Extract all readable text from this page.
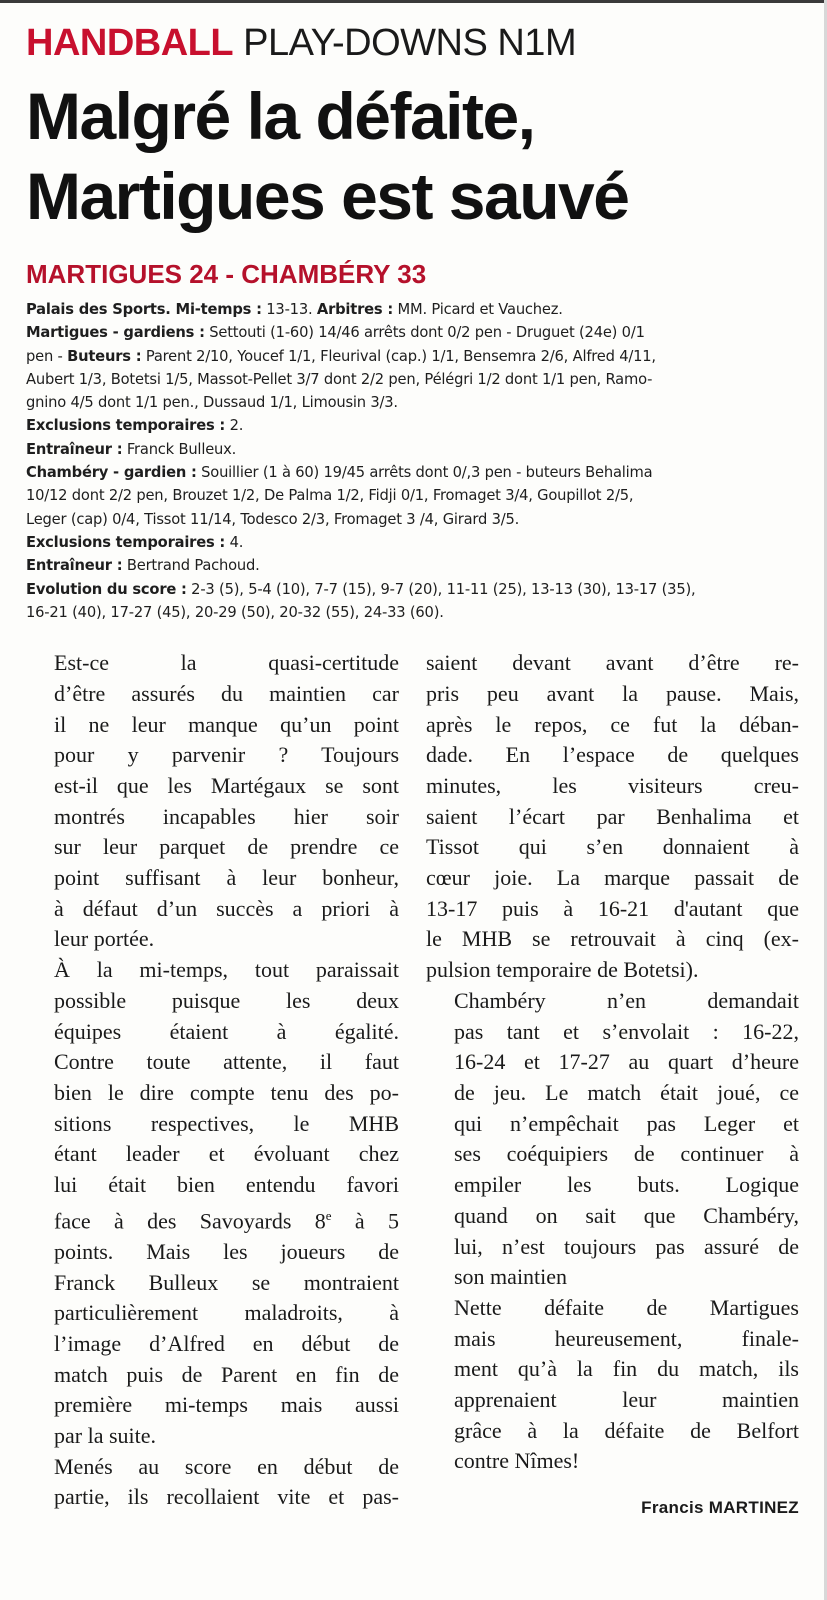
HANDBALL PLAY-DOWNS N1M
Malgré la défaite,
Martigues est sauvé
MARTIGUES 24 - CHAMBÉRY 33
Palais des Sports. Mi-temps : 13-13. Arbitres : MM. Picard et Vauchez.
Martigues - gardiens : Settouti (1-60) 14/46 arrêts dont 0/2 pen - Druguet (24e) 0/1
pen - Buteurs : Parent 2/10, Youcef 1/1, Fleurival (cap.) 1/1, Bensemra 2/6, Alfred 4/11,
Aubert 1/3, Botetsi 1/5, Massot-Pellet 3/7 dont 2/2 pen, Pélégri 1/2 dont 1/1 pen, Ramo-
gnino 4/5 dont 1/1 pen., Dussaud 1/1, Limousin 3/3.
Exclusions temporaires : 2.
Entraîneur : Franck Bulleux.
Chambéry - gardien : Souillier (1 à 60) 19/45 arrêts dont 0/,3 pen - buteurs Behalima
10/12 dont 2/2 pen, Brouzet 1/2, De Palma 1/2, Fidji 0/1, Fromaget 3/4, Goupillot 2/5,
Leger (cap) 0/4, Tissot 11/14, Todesco 2/3, Fromaget 3 /4, Girard 3/5.
Exclusions temporaires : 4.
Entraîneur : Bertrand Pachoud.
Evolution du score : 2-3 (5), 5-4 (10), 7-7 (15), 9-7 (20), 11-11 (25), 13-13 (30), 13-17 (35),
16-21 (40), 17-27 (45), 20-29 (50), 20-32 (55), 24-33 (60).

Est-ce la quasi-certitude
d’être assurés du maintien car
il ne leur manque qu’un point
pour y parvenir ? Toujours
est-il que les Martégaux se sont
montrés incapables hier soir
sur leur parquet de prendre ce
point suffisant à leur bonheur,
à défaut d’un succès a priori à
leur portée.

À la mi-temps, tout paraissait
possible puisque les deux
équipes étaient à égalité.
Contre toute attente, il faut
bien le dire compte tenu des po-
sitions respectives, le MHB
étant leader et évoluant chez
lui était bien entendu favori
face à des Savoyards 8e à 5
points. Mais les joueurs de
Franck Bulleux se montraient
particulièrement maladroits, à
l’image d’Alfred en début de
match puis de Parent en fin de
première mi-temps mais aussi
par la suite.

Menés au score en début de
partie, ils recollaient vite et pas-

saient devant avant d’être re-
pris peu avant la pause. Mais,
après le repos, ce fut la déban-
dade. En l’espace de quelques
minutes, les visiteurs creu-
saient l’écart par Benhalima et
Tissot qui s’en donnaient à
cœur joie. La marque passait de
13-17 puis à 16-21 d'autant que
le MHB se retrouvait à cinq (ex-
pulsion temporaire de Botetsi).

Chambéry n’en demandait
pas tant et s’envolait : 16-22,
16-24 et 17-27 au quart d’heure
de jeu. Le match était joué, ce
qui n’empêchait pas Leger et
ses coéquipiers de continuer à
empiler les buts. Logique
quand on sait que Chambéry,
lui, n’est toujours pas assuré de
son maintien

Nette défaite de Martigues
mais heureusement, finale-
ment qu’à la fin du match, ils
apprenaient leur maintien
grâce à la défaite de Belfort
contre Nîmes!

Francis MARTINEZ
